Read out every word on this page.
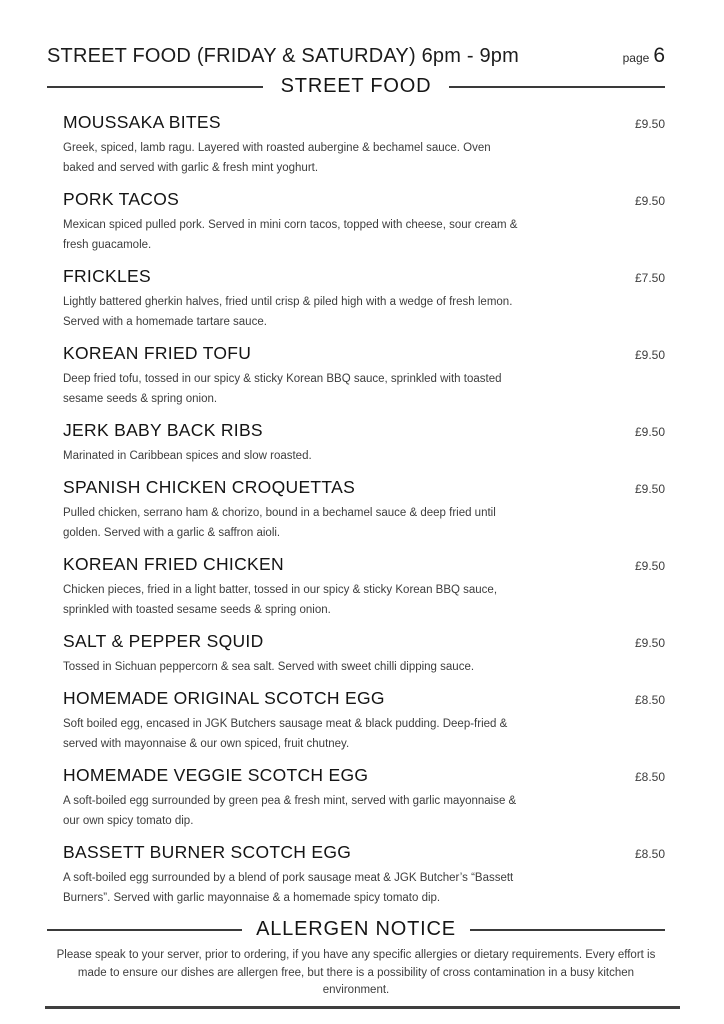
STREET FOOD (FRIDAY & SATURDAY) 6pm - 9pm	page 6
STREET FOOD
MOUSSAKA BITES	£9.50

Greek, spiced, lamb ragu. Layered with roasted aubergine & bechamel sauce. Oven baked and served with garlic & fresh mint yoghurt.

PORK TACOS	£9.50

Mexican spiced pulled pork. Served in mini corn tacos, topped with cheese, sour cream & fresh guacamole.

FRICKLES	£7.50

Lightly battered gherkin halves, fried until crisp & piled high with a wedge of fresh lemon. Served with a homemade tartare sauce.

KOREAN FRIED TOFU	£9.50

Deep fried tofu, tossed in our spicy & sticky Korean BBQ sauce, sprinkled with toasted sesame seeds & spring onion.

JERK BABY BACK RIBS	£9.50

Marinated in Caribbean spices and slow roasted.

SPANISH CHICKEN CROQUETTAS	£9.50

Pulled chicken, serrano ham & chorizo, bound in a bechamel sauce & deep fried until golden. Served with a garlic & saffron aioli.

KOREAN FRIED CHICKEN	£9.50

Chicken pieces, fried in a light batter, tossed in our spicy & sticky Korean BBQ sauce, sprinkled with toasted sesame seeds & spring onion.

SALT & PEPPER SQUID	£9.50

Tossed in Sichuan peppercorn & sea salt. Served with sweet chilli dipping sauce.

HOMEMADE ORIGINAL SCOTCH EGG	£8.50

Soft boiled egg, encased in JGK Butchers sausage meat & black pudding. Deep-fried & served with mayonnaise & our own spiced, fruit chutney.

HOMEMADE VEGGIE SCOTCH EGG	£8.50

A soft-boiled egg surrounded by green pea & fresh mint, served with garlic mayonnaise & our own spicy tomato dip.

BASSETT BURNER SCOTCH EGG	£8.50

A soft-boiled egg surrounded by a blend of pork sausage meat & JGK Butcher’s “Bassett Burners”. Served with garlic mayonnaise & a homemade spicy tomato dip.

ALLERGEN NOTICE

Please speak to your server, prior to ordering, if you have any specific allergies or dietary requirements. Every effort is made to ensure our dishes are allergen free, but there is a possibility of cross contamination in a busy kitchen environment.
